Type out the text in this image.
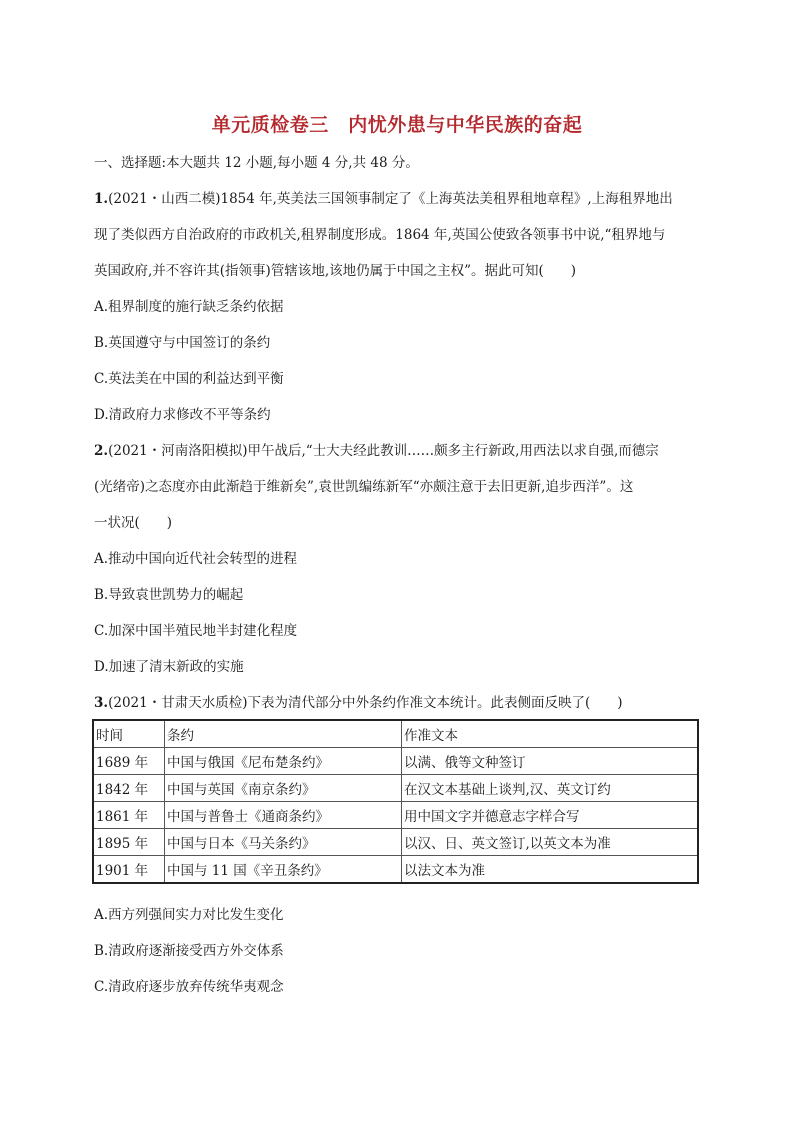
单元质检卷三　内忧外患与中华民族的奋起
一、选择题:本大题共 12 小题,每小题 4 分,共 48 分。
1.(2021・山西二模)1854 年,英美法三国领事制定了《上海英法美租界租地章程》,上海租界地出
现了类似西方自治政府的市政机关,租界制度形成。1864 年,英国公使致各领事书中说,“租界地与
英国政府,并不容许其(指领事)管辖该地,该地仍属于中国之主权”。据此可知(　　)
A.租界制度的施行缺乏条约依据
B.英国遵守与中国签订的条约
C.英法美在中国的利益达到平衡
D.清政府力求修改不平等条约
2.(2021・河南洛阳模拟)甲午战后,“士大夫经此教训……颇多主行新政,用西法以求自强,而德宗
(光绪帝)之态度亦由此渐趋于维新矣”,袁世凯编练新军“亦颇注意于去旧更新,追步西洋”。这
一状况(　　)
A.推动中国向近代社会转型的进程
B.导致袁世凯势力的崛起
C.加深中国半殖民地半封建化程度
D.加速了清末新政的实施
3.(2021・甘肃天水质检)下表为清代部分中外条约作准文本统计。此表侧面反映了(　　)
时间	条约	作准文本
1689 年	中国与俄国《尼布楚条约》	以满、俄等文种签订
1842 年	中国与英国《南京条约》	在汉文本基础上谈判,汉、英文订约
1861 年	中国与普鲁士《通商条约》	用中国文字并德意志字样合写
1895 年	中国与日本《马关条约》	以汉、日、英文签订,以英文本为准
1901 年	中国与 11 国《辛丑条约》	以法文本为准
A.西方列强间实力对比发生变化
B.清政府逐渐接受西方外交体系
C.清政府逐步放弃传统华夷观念
